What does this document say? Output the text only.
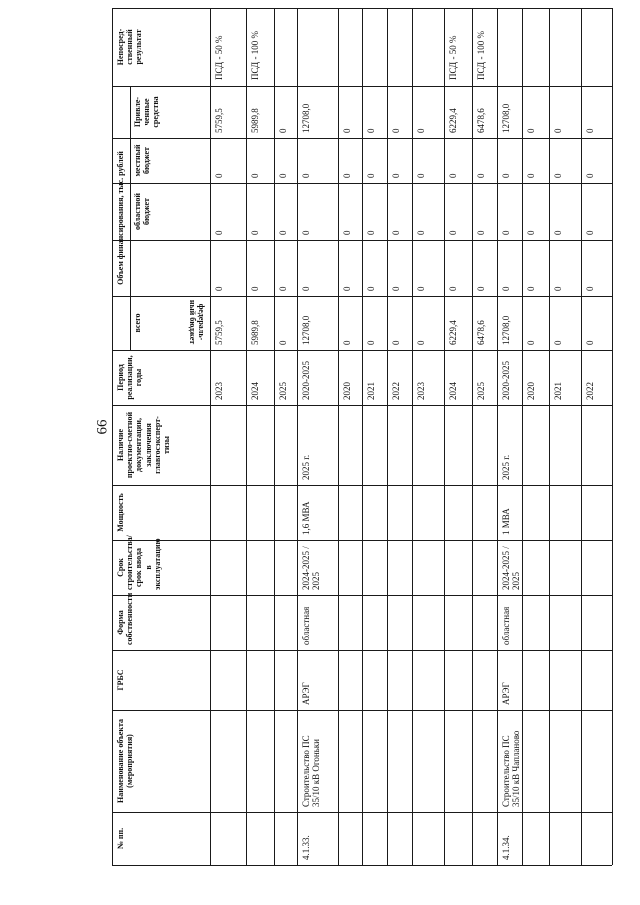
66
Непосред-ственный результат
Привле-ченные средства
местный бюджет
областной бюджет
федераль-ный бюджет
всего
Объем финансирования, тыс. рублей
Период реализации, годы
Наличие проектно-сметной документации, заключения главгосэксперт-тизы
Мощность
Срок строительства/ срок ввода в эксплуатацию
Форма собственности
ГРБС
Наименование объекта (мероприятия)
№ пп.
ПСД - 50 %
5759,5
0
0
0
5759,5
2023
ПСД - 100 %
5989,8
0
0
0
5989,8
2024
0
0
0
0
0
2025
12708,0
0
0
0
12708,0
2020-2025
0
0
0
0
0
2020
0
0
0
0
0
2021
0
0
0
0
0
2022
0
0
0
0
0
2023
ПСД - 50 %
6229,4
0
0
0
6229,4
2024
ПСД - 100 %
6478,6
0
0
0
6478,6
2025
12708,0
0
0
0
12708,0
2020-2025
0
0
0
0
0
2020
0
0
0
0
0
2021
0
0
0
0
0
2022
2025 г.
1,6 МВА
2024-2025 / 2025
областная
АРЭГ
Строительство ПС 35/10 кВ Огоньки
4.1.33.
2025 г.
1 МВА
2024-2025 / 2025
областная
АРЭГ
Строительство ПС 35/10 кВ Чапланово
4.1.34.
